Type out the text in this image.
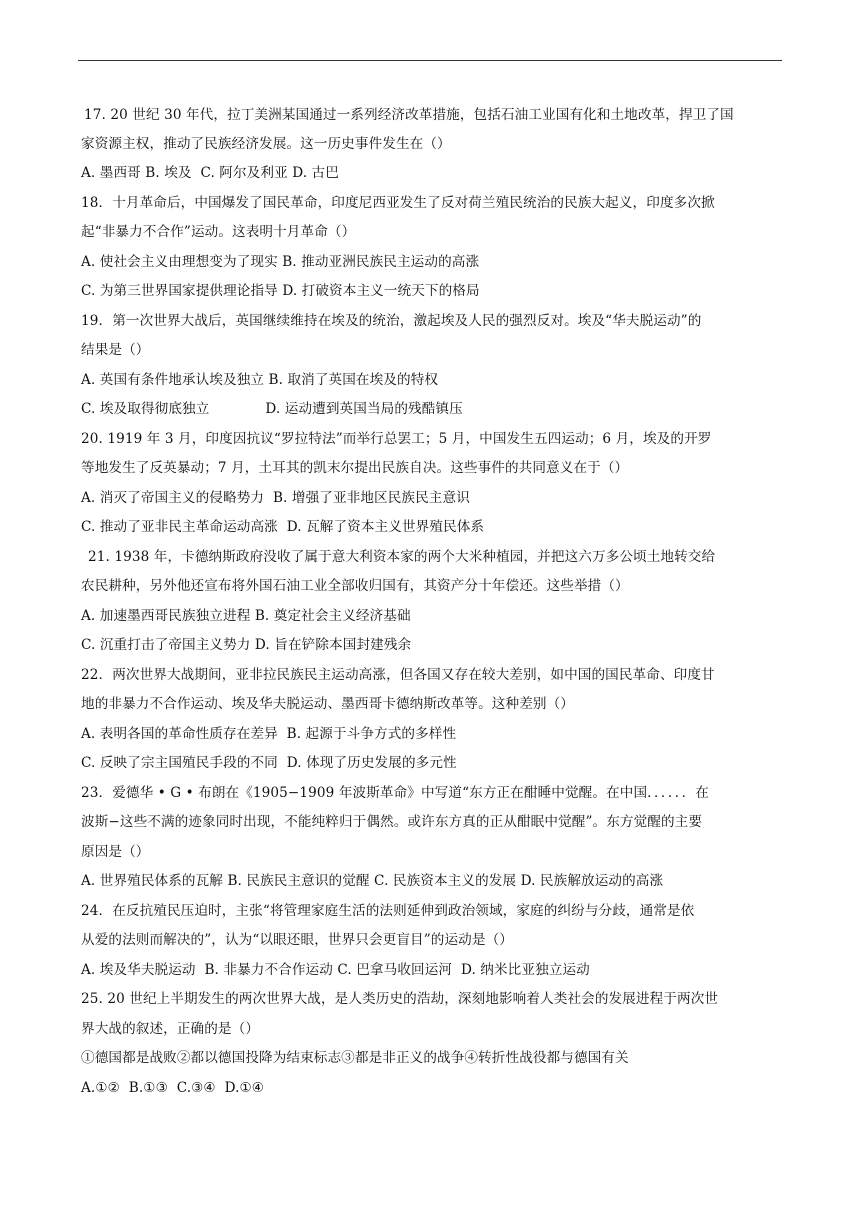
17. 20 世纪 30 年代，拉丁美洲某国通过一系列经济改革措施，包括石油工业国有化和土地改革，捍卫了国
家资源主权，推动了民族经济发展。这一历史事件发生在（）
A. 墨西哥 B. 埃及 C. 阿尔及利亚 D. 古巴
18．十月革命后，中国爆发了国民革命，印度尼西亚发生了反对荷兰殖民统治的民族大起义，印度多次掀
起“非暴力不合作”运动。这表明十月革命（）
A. 使社会主义由理想变为了现实 B. 推动亚洲民族民主运动的高涨
C. 为第三世界国家提供理论指导 D. 打破资本主义一统天下的格局
19．第一次世界大战后，英国继续维持在埃及的统治，激起埃及人民的强烈反对。埃及“华夫脱运动”的
结果是（）
A. 英国有条件地承认埃及独立 B. 取消了英国在埃及的特权
C. 埃及取得彻底独立	D. 运动遭到英国当局的残酷镇压
20. 1919 年 3 月，印度因抗议“罗拉特法”而举行总罢工；5 月，中国发生五四运动；6 月，埃及的开罗
等地发生了反英暴动；7 月，土耳其的凯末尔提出民族自决。这些事件的共同意义在于（）
A. 消灭了帝国主义的侵略势力 B. 增强了亚非地区民族民主意识
C. 推动了亚非民主革命运动高涨 D. 瓦解了资本主义世界殖民体系
21. 1938 年，卡德纳斯政府没收了属于意大利资本家的两个大米种植园，并把这六万多公顷土地转交给
农民耕种，另外他还宣布将外国石油工业全部收归国有，其资产分十年偿还。这些举措（）
A. 加速墨西哥民族独立进程 B. 奠定社会主义经济基础
C. 沉重打击了帝国主义势力 D. 旨在铲除本国封建残余
22．两次世界大战期间，亚非拉民族民主运动高涨，但各国又存在较大差别，如中国的国民革命、印度甘
地的非暴力不合作运动、埃及华夫脱运动、墨西哥卡德纳斯改革等。这种差别（）
A. 表明各国的革命性质存在差异 B. 起源于斗争方式的多样性
C. 反映了宗主国殖民手段的不同 D. 体现了历史发展的多元性
23．爱德华 • G • 布朗在《1905−1909 年波斯革命》中写道“东方正在酣睡中觉醒。在中国．．．．．．在
波斯−这些不满的迹象同时出现，不能纯粹归于偶然。或许东方真的正从酣眠中觉醒”。东方觉醒的主要
原因是（）
A. 世界殖民体系的瓦解 B. 民族民主意识的觉醒 C. 民族资本主义的发展 D. 民族解放运动的高涨
24．在反抗殖民压迫时，主张“将管理家庭生活的法则延伸到政治领域，家庭的纠纷与分歧，通常是依
从爱的法则而解决的”，认为“以眼还眼，世界只会更盲目”的运动是（）
A. 埃及华夫脱运动 B. 非暴力不合作运动 C. 巴拿马收回运河 D. 纳米比亚独立运动
25. 20 世纪上半期发生的两次世界大战，是人类历史的浩劫，深刻地影响着人类社会的发展进程于两次世
界大战的叙述，正确的是（）
①德国都是战败②都以德国投降为结束标志③都是非正义的战争④转折性战役都与德国有关
A.①② B.①③ C.③④ D.①④
